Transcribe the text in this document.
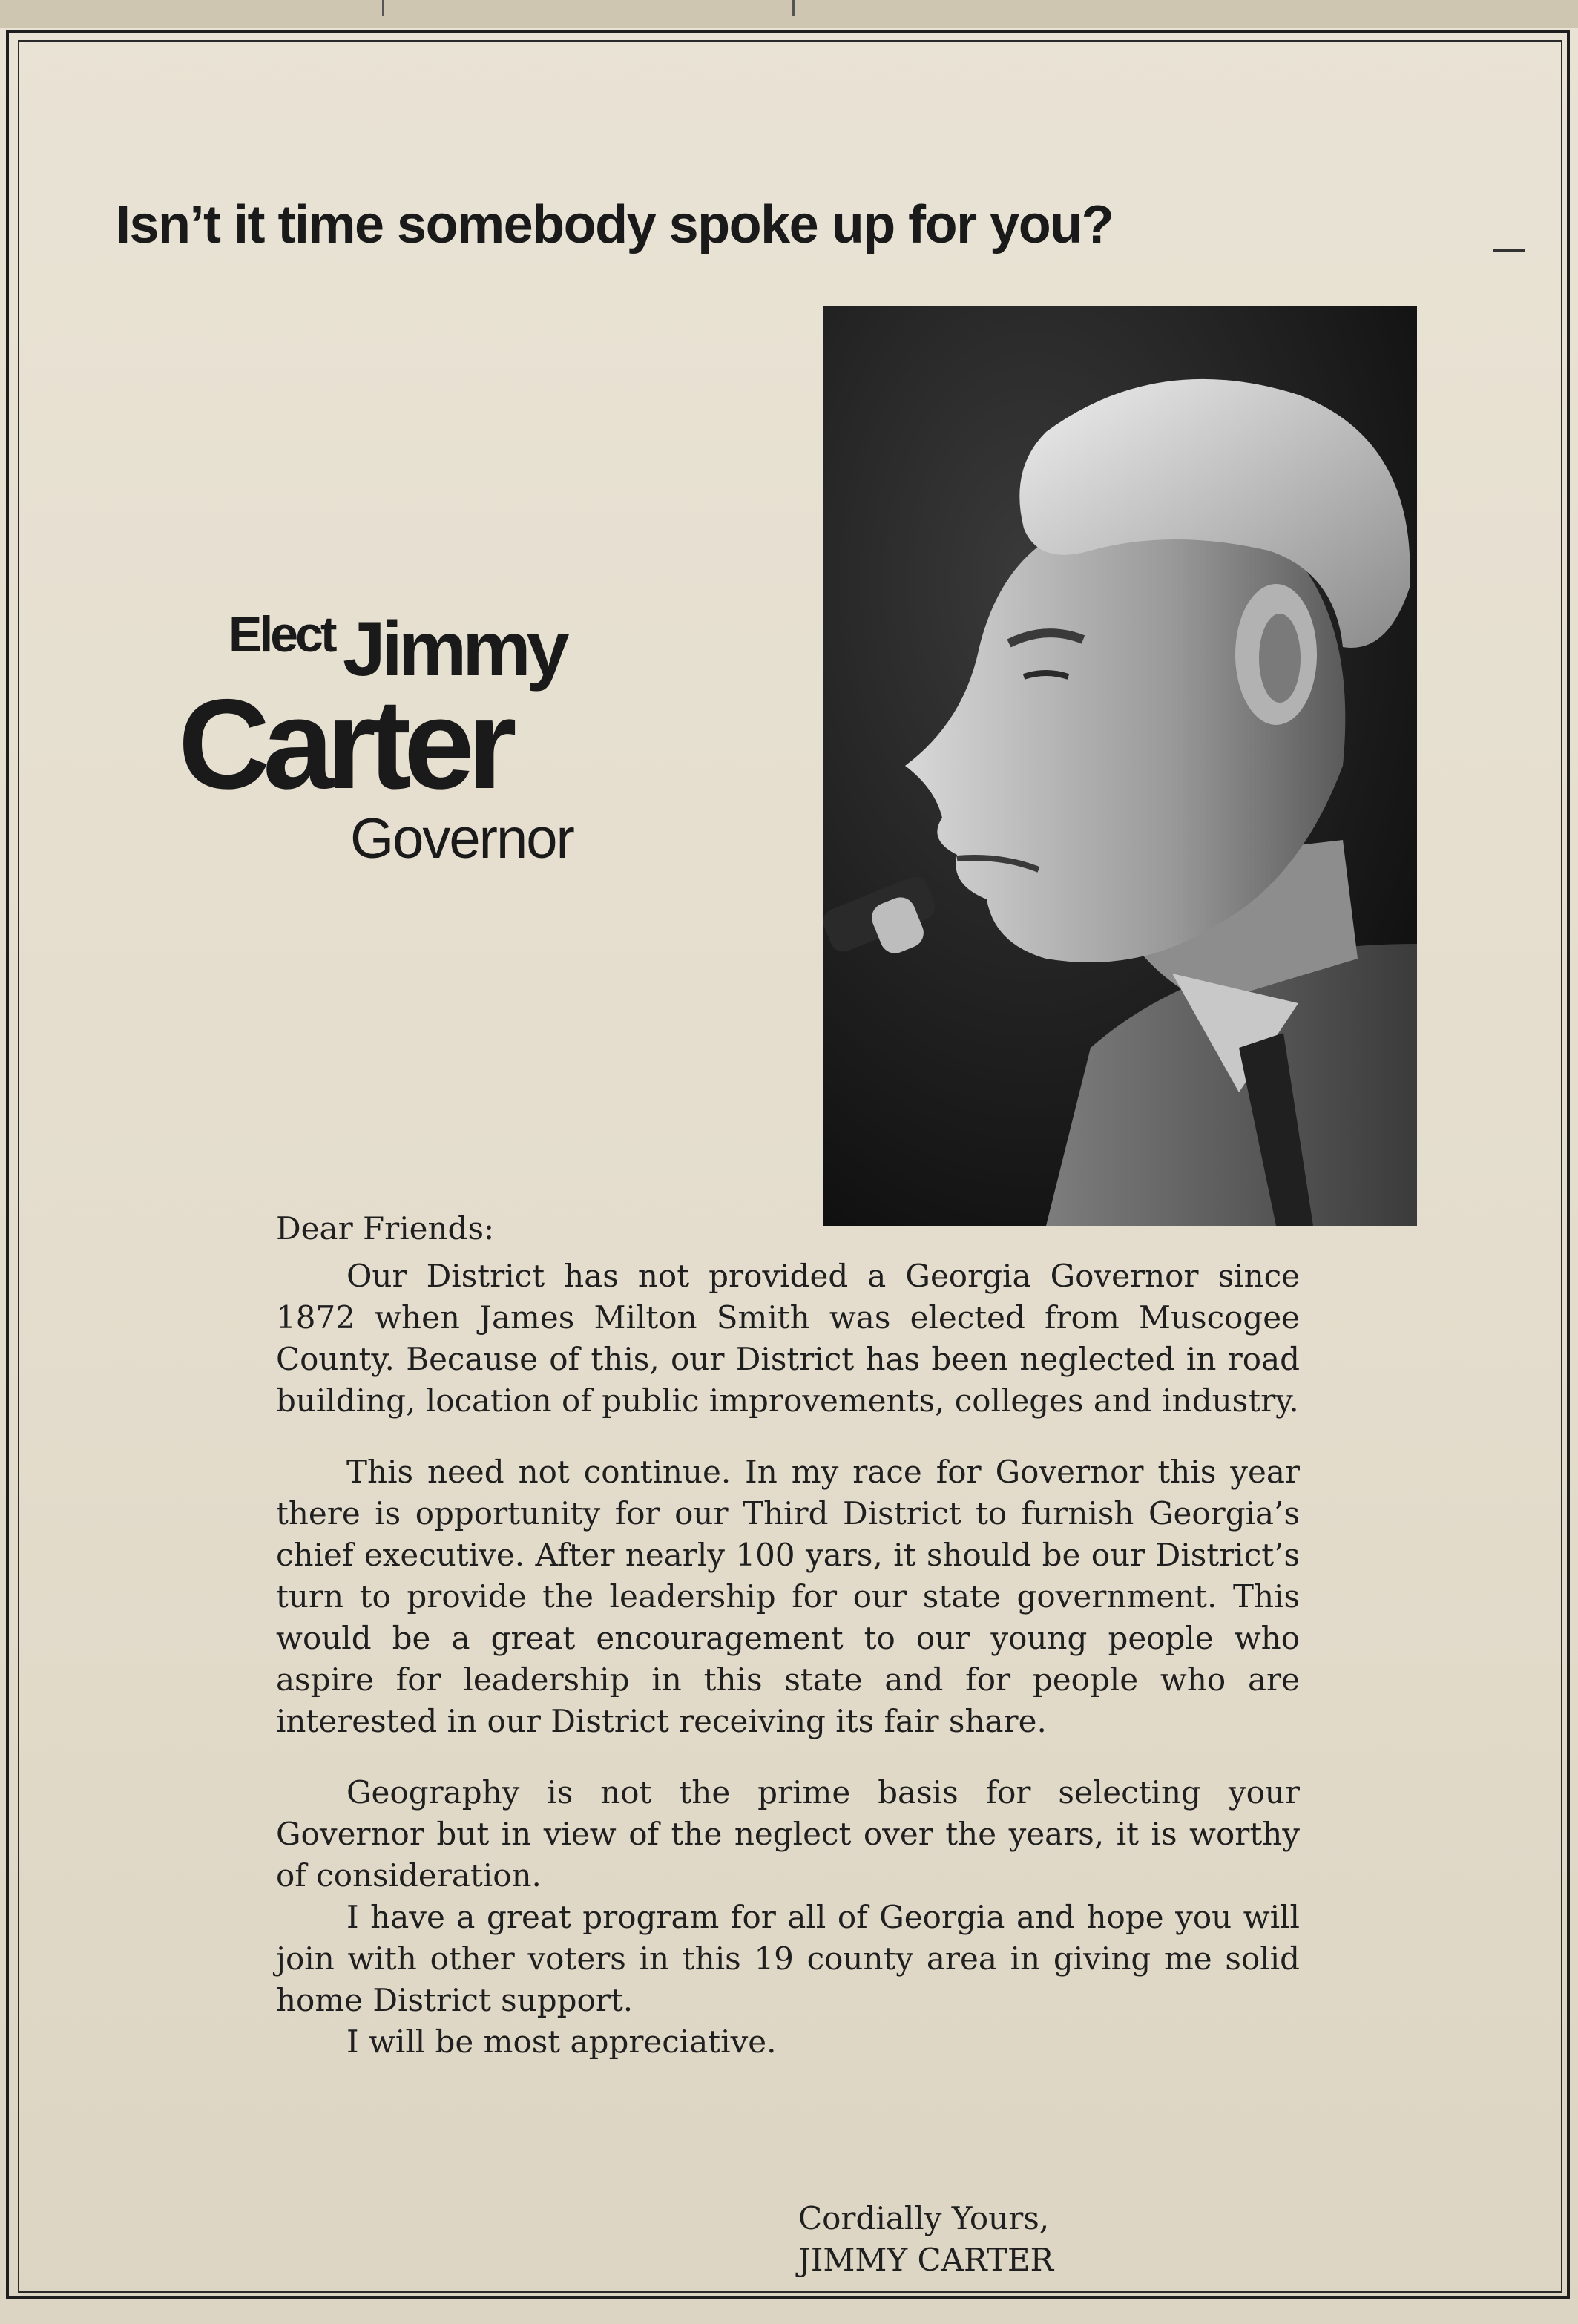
Isn’t it time somebody spoke up for you?
Elect Jimmy
Carter
Governor

Dear Friends:

Our District has not provided a Georgia Governor since 1872 when James Milton Smith was elected from Muscogee County. Because of this, our District has been neglected in road building, location of public improvements, colleges and industry.

This need not continue. In my race for Governor this year there is opportunity for our Third District to furnish Georgia’s chief executive. After nearly 100 yars, it should be our District’s turn to provide the leadership for our state government. This would be a great encouragement to our young people who aspire for leadership in this state and for people who are interested in our District receiving its fair share.

Geography is not the prime basis for selecting your Governor but in view of the neglect over the years, it is worthy of consideration.

I have a great program for all of Georgia and hope you will join with other voters in this 19 county area in giving me solid home District support.

I will be most appreciative.

Cordially Yours,
JIMMY CARTER
